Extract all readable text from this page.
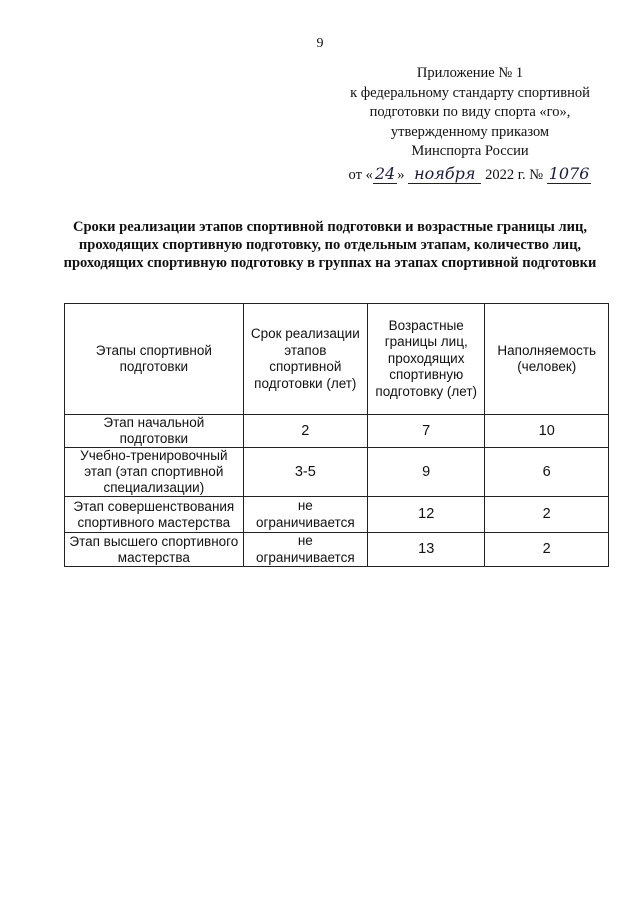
9
Приложение № 1
к федеральному стандарту спортивной
подготовки по виду спорта «го»,
утвержденному приказом
Минспорта России
от « 24 » ноября 2022 г. № 1076
Сроки реализации этапов спортивной подготовки и возрастные границы лиц, проходящих спортивную подготовку, по отдельным этапам, количество лиц, проходящих спортивную подготовку в группах на этапах спортивной подготовки
Этапы спортивной подготовки	Срок реализации этапов спортивной подготовки (лет)	Возрастные границы лиц, проходящих спортивную подготовку (лет)	Наполняемость (человек)
Этап начальной подготовки	2	7	10
Учебно-тренировочный этап (этап спортивной специализации)	3-5	9	6
Этап совершенствования спортивного мастерства	не ограничивается	12	2
Этап высшего спортивного мастерства	не ограничивается	13	2
